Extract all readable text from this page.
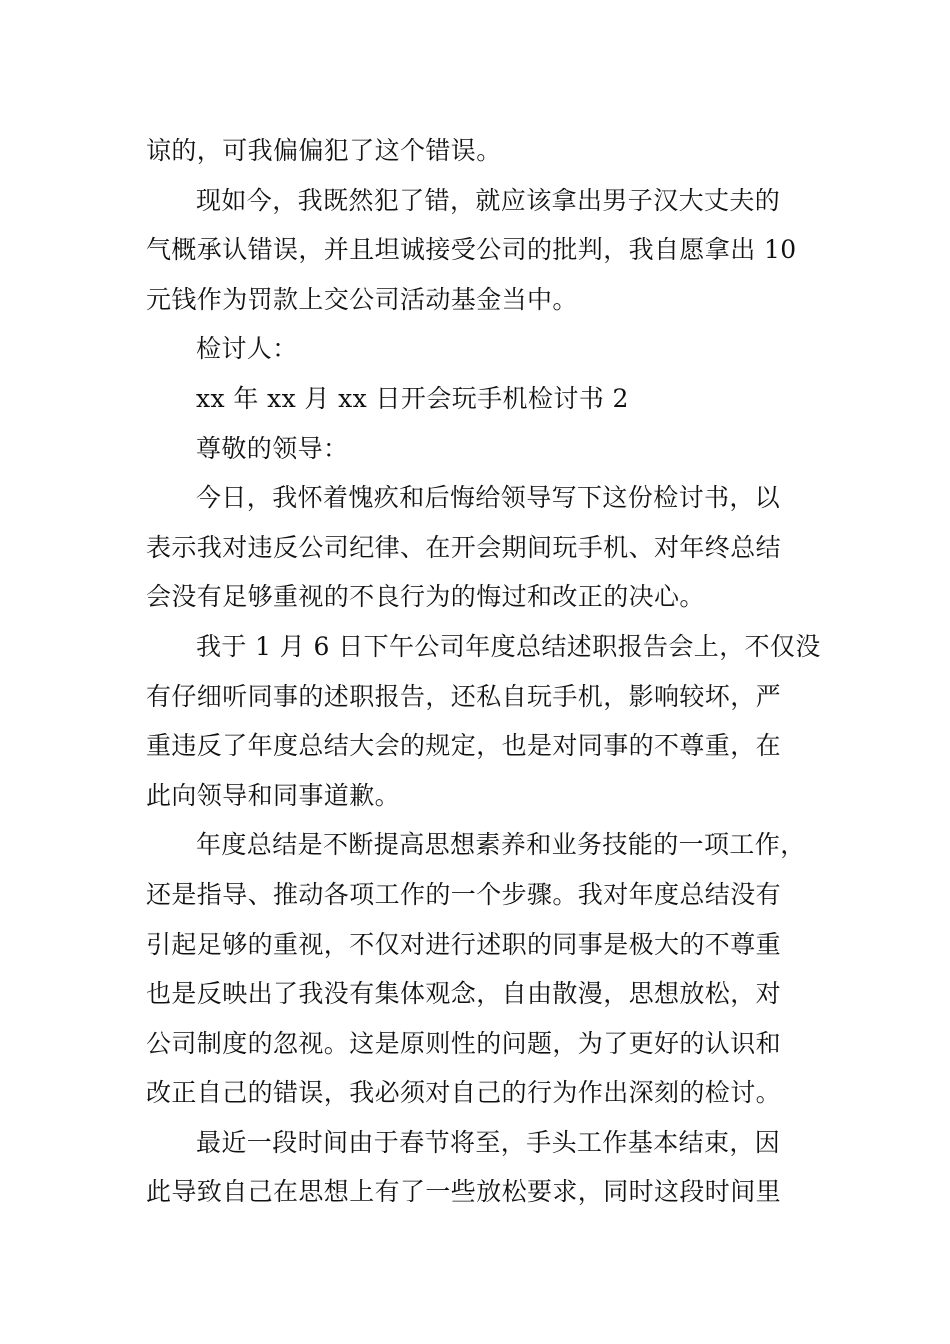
谅的，可我偏偏犯了这个错误。
现如今，我既然犯了错，就应该拿出男子汉大丈夫的
气概承认错误，并且坦诚接受公司的批判，我自愿拿出 10
元钱作为罚款上交公司活动基金当中。
检讨人：
xx 年 xx 月 xx 日开会玩手机检讨书 2
尊敬的领导：
今日，我怀着愧疚和后悔给领导写下这份检讨书，以
表示我对违反公司纪律、在开会期间玩手机、对年终总结
会没有足够重视的不良行为的悔过和改正的决心。
我于 1 月 6 日下午公司年度总结述职报告会上，不仅没
有仔细听同事的述职报告，还私自玩手机，影响较坏，严
重违反了年度总结大会的规定，也是对同事的不尊重，在
此向领导和同事道歉。
年度总结是不断提高思想素养和业务技能的一项工作，
还是指导、推动各项工作的一个步骤。我对年度总结没有
引起足够的重视，不仅对进行述职的同事是极大的不尊重
也是反映出了我没有集体观念，自由散漫，思想放松，对
公司制度的忽视。这是原则性的问题，为了更好的认识和
改正自己的错误，我必须对自己的行为作出深刻的检讨。
最近一段时间由于春节将至，手头工作基本结束，因
此导致自己在思想上有了一些放松要求，同时这段时间里
